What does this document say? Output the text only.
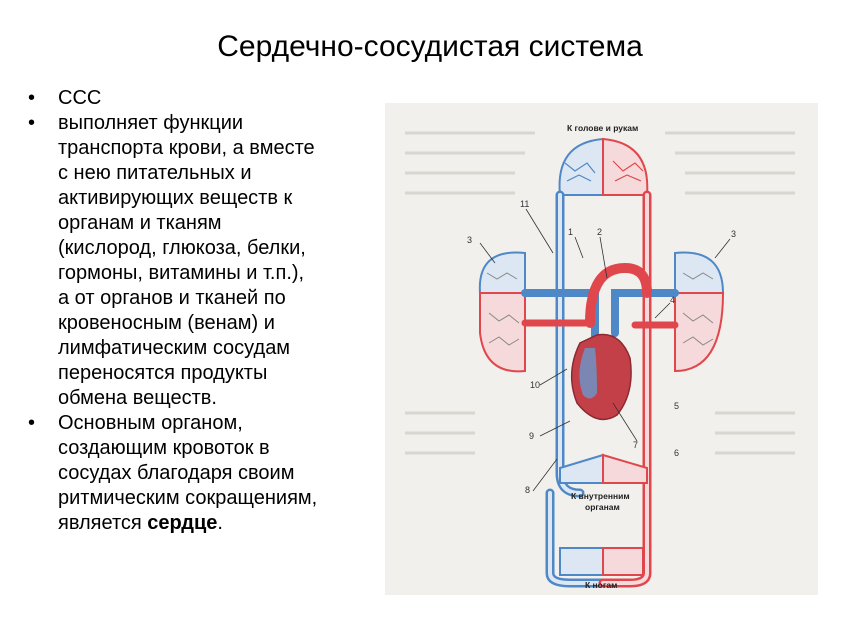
Сердечно-сосудистая система
• ССС
• выполняет функции
транспорта крови, а вместе
с нею питательных и
активирующих веществ к
органам и тканям
(кислород, глюкоза, белки,
гормоны, витамины и т.п.),
а от органов и тканей по
кровеносным (венам) и
лимфатическим сосудам
переносятся продукты
обмена веществ.
• Основным органом,
создающим кровоток в
сосудах благодаря своим
ритмическим сокращениям,
является сердце.
К голове и рукам
К внутренним
органам
К ногам
11
1	2
3
3
4
10
5
9
7
6
8
